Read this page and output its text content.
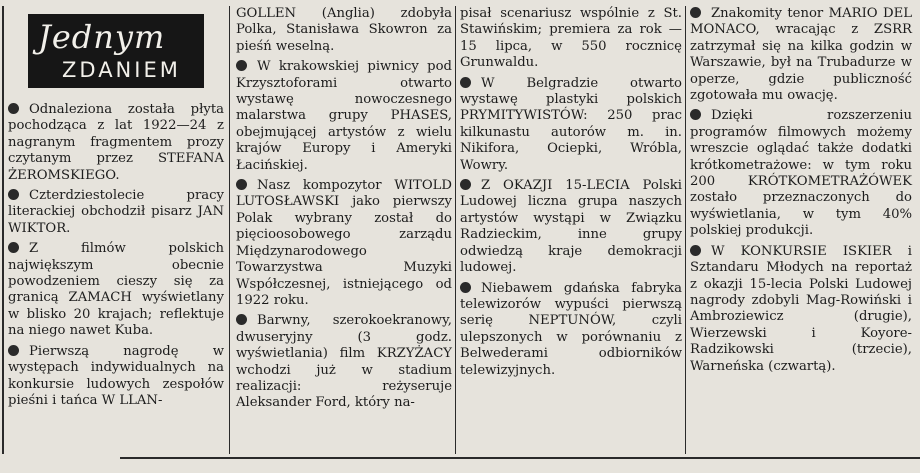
Jednym
ZDANIEM

Odnaleziona została płyta pochodząca z lat 1922—24 z nagranym fragmentem prozy czytanym przez STEFANA ŻEROMSKIEGO.

Czterdziestolecie pracy literackiej obchodził pisarz JAN WIKTOR.

Z filmów polskich największym obecnie powodzeniem cieszy się za granicą ZAMACH wyświetlany w blisko 20 krajach; reflektuje na niego nawet Kuba.

Pierwszą nagrodę w występach indywidualnych na konkursie ludowych zespołów pieśni i tańca W LLAN-

GOLLEN (Anglia) zdobyła Polka, Stanisława Skowron za pieśń weselną.

W krakowskiej piwnicy pod Krzysztoforami otwarto wystawę nowoczesnego malarstwa grupy PHASES, obejmującej artystów z wielu krajów Europy i Ameryki Łacińskiej.

Nasz kompozytor WITOLD LUTOSŁAWSKI jako pierwszy Polak wybrany został do pięcioosobowego zarządu Międzynarodowego Towarzystwa Muzyki Współczesnej, istniejącego od 1922 roku.

Barwny, szerokoekranowy, dwuseryjny (3 godz. wyświetlania) film KRZYŻACY wchodzi już w stadium realizacji: reżyseruje Aleksander Ford, który na-

pisał scenariusz wspólnie z St. Stawińskim; premiera za rok — 15 lipca, w 550 rocznicę Grunwaldu.

W Belgradzie otwarto wystawę plastyki polskich PRYMITYWISTÓW: 250 prac kilkunastu autorów m. in. Nikifora, Ociepki, Wróbla, Wowry.

Z OKAZJI 15-LECIA Polski Ludowej liczna grupa naszych artystów wystąpi w Związku Radzieckim, inne grupy odwiedzą kraje demokracji ludowej.

Niebawem gdańska fabryka telewizorów wypuści pierwszą serię NEPTUNÓW, czyli ulepszonych w porównaniu z Belwederami odbiorników telewizyjnych.

Znakomity tenor MARIO DEL MONACO, wracając z ZSRR zatrzymał się na kilka godzin w Warszawie, był na Trubadurze w operze, gdzie publiczność zgotowała mu owację.

Dzięki rozszerzeniu programów filmowych możemy wreszcie oglądać także dodatki krótkometrażowe: w tym roku 200 KRÓTKOMETRAŻÓWEK zostało przeznaczonych do wyświetlania, w tym 40% polskiej produkcji.

W KONKURSIE ISKIER i Sztandaru Młodych na reportaż z okazji 15-lecia Polski Ludowej nagrody zdobyli Mag-Rowiński i Ambroziewicz (drugie), Wierzewski i Koyore-Radzikowski (trzecie), Warneńska (czwartą).
